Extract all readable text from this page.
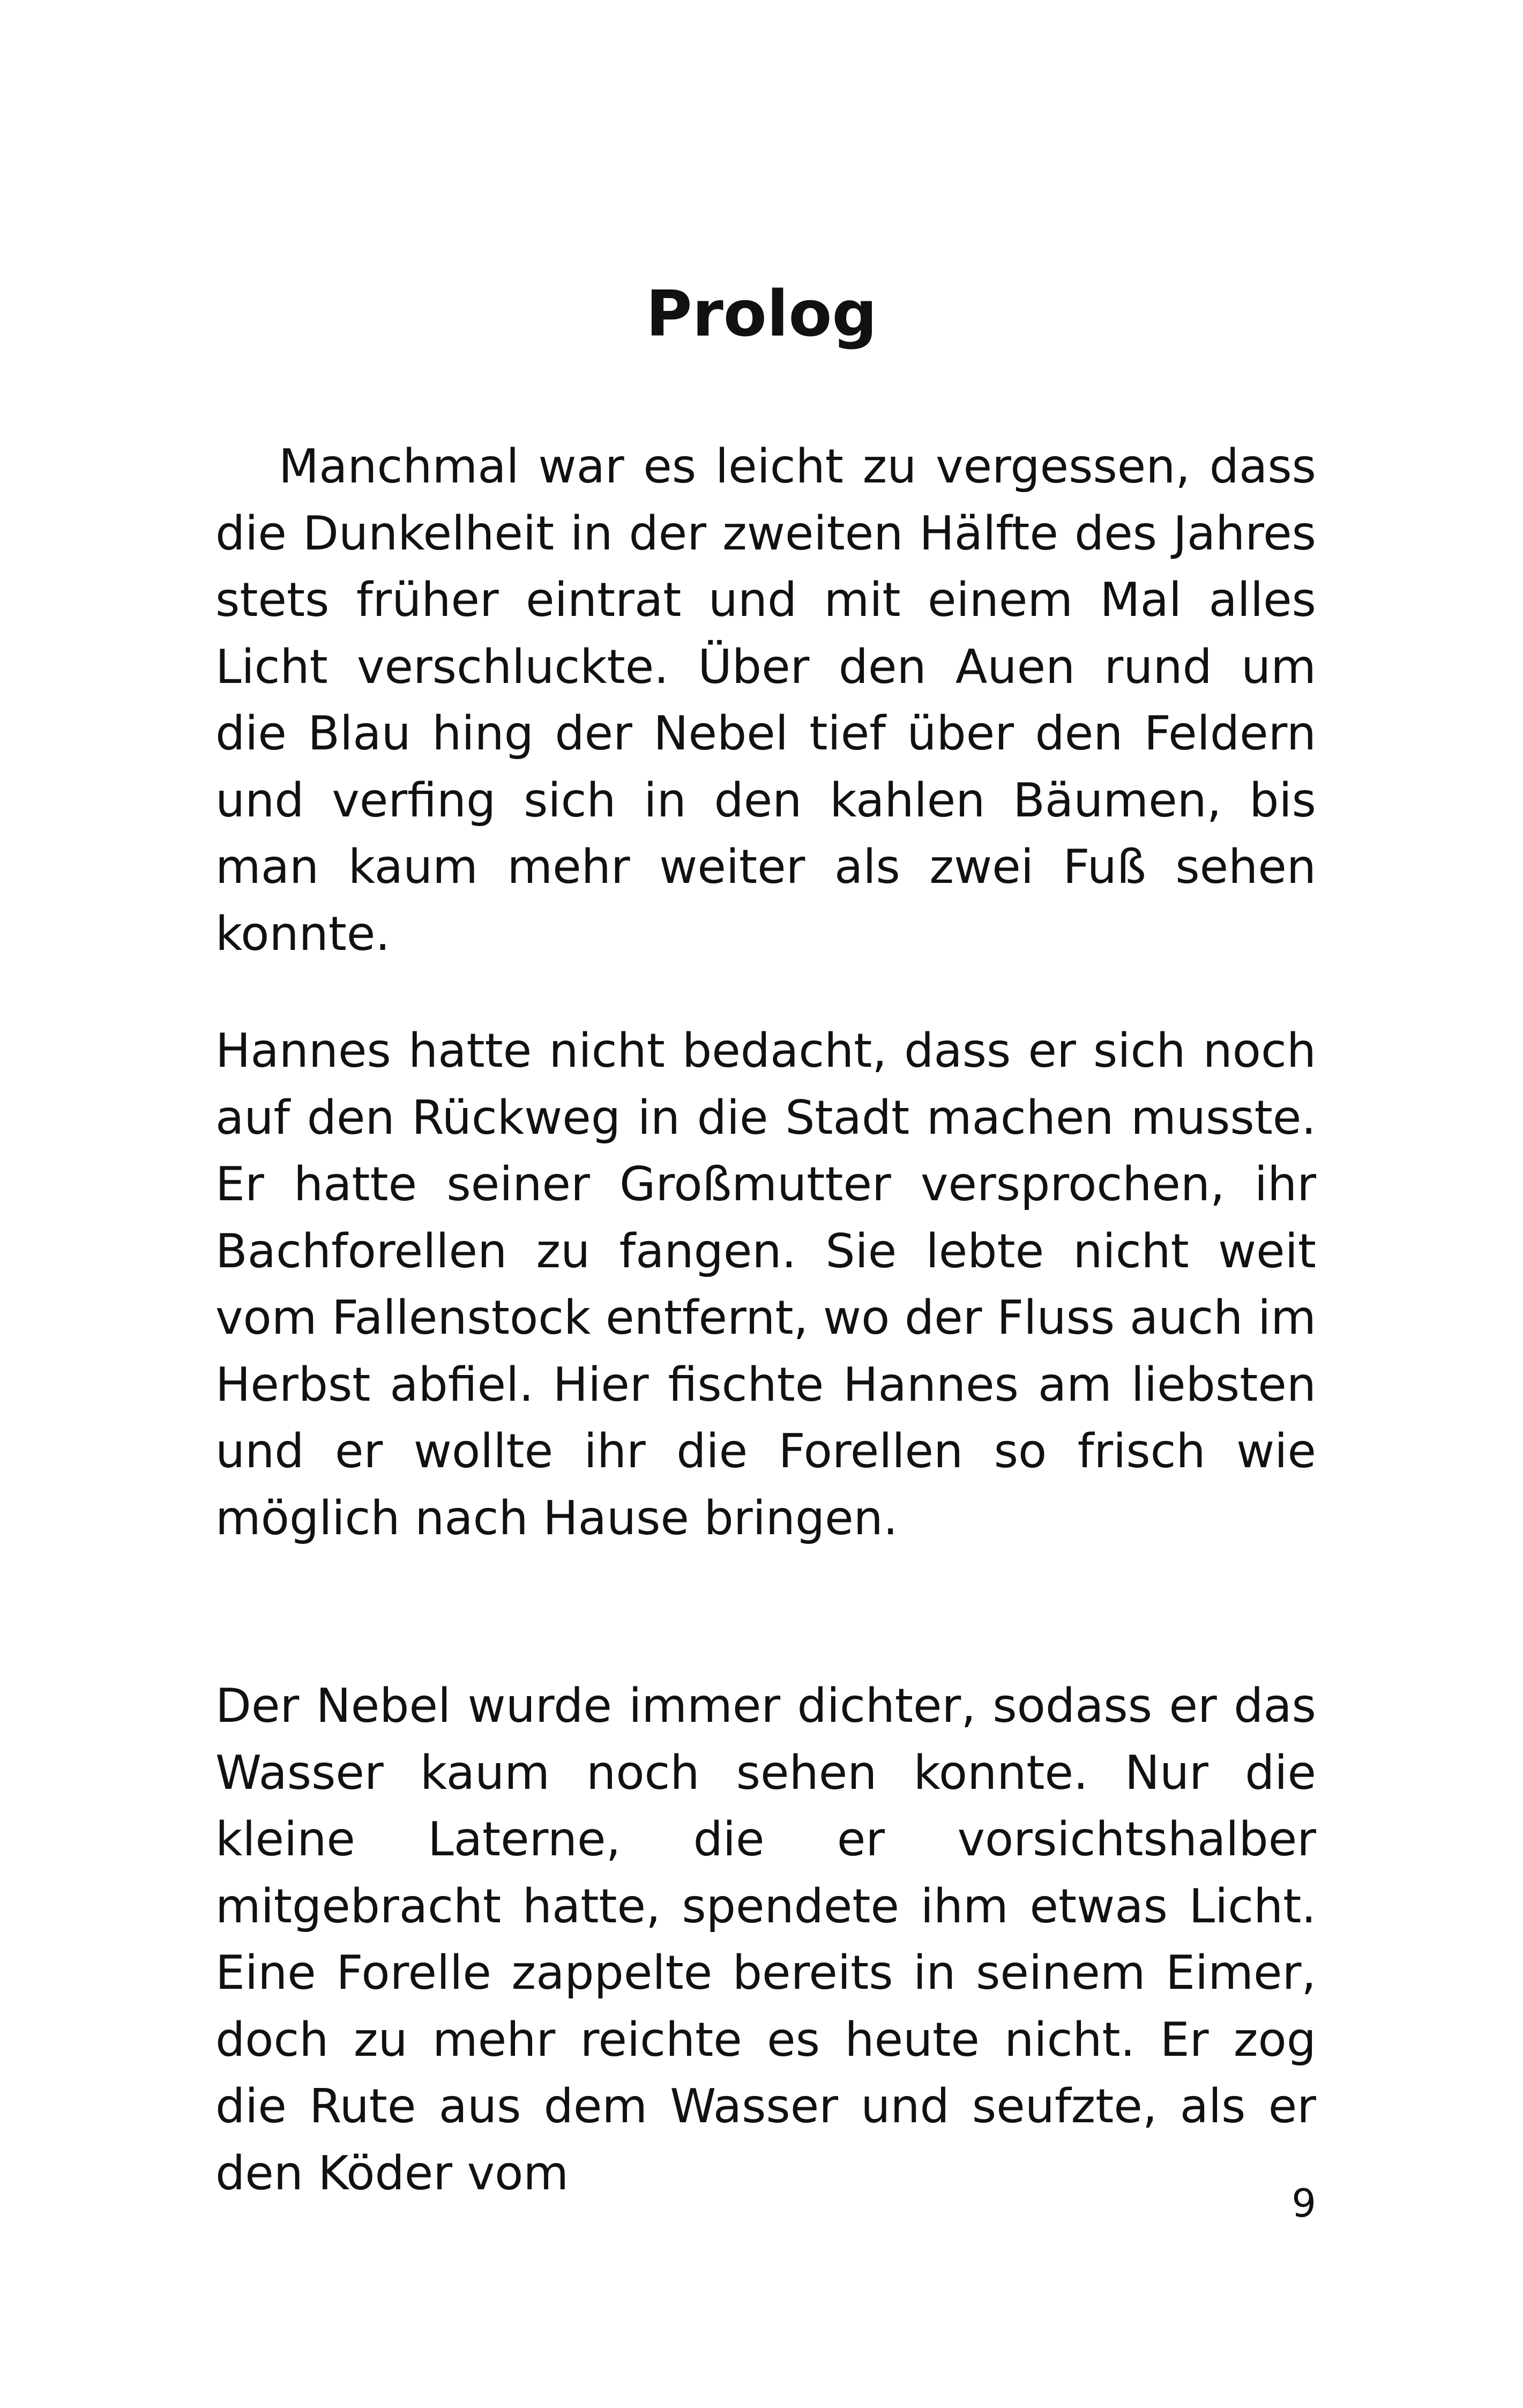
Prolog

Manchmal war es leicht zu vergessen, dass die Dunkelheit in der zweiten Hälfte des Jahres stets früher eintrat und mit einem Mal alles Licht verschluckte. Über den Auen rund um die Blau hing der Nebel tief über den Feldern und verfing sich in den kahlen Bäumen, bis man kaum mehr weiter als zwei Fuß sehen konnte.

Hannes hatte nicht bedacht, dass er sich noch auf den Rückweg in die Stadt machen musste. Er hatte seiner Großmutter versprochen, ihr Bachforellen zu fangen. Sie lebte nicht weit vom Fallenstock entfernt, wo der Fluss auch im Herbst abfiel. Hier fischte Hannes am liebsten und er wollte ihr die Forellen so frisch wie möglich nach Hause bringen.

Der Nebel wurde immer dichter, sodass er das Wasser kaum noch sehen konnte. Nur die kleine Laterne, die er vorsichtshalber mitgebracht hatte, spendete ihm etwas Licht. Eine Forelle zappelte bereits in seinem Eimer, doch zu mehr reichte es heute nicht. Er zog die Rute aus dem Wasser und seufzte, als er den Köder vom

9
